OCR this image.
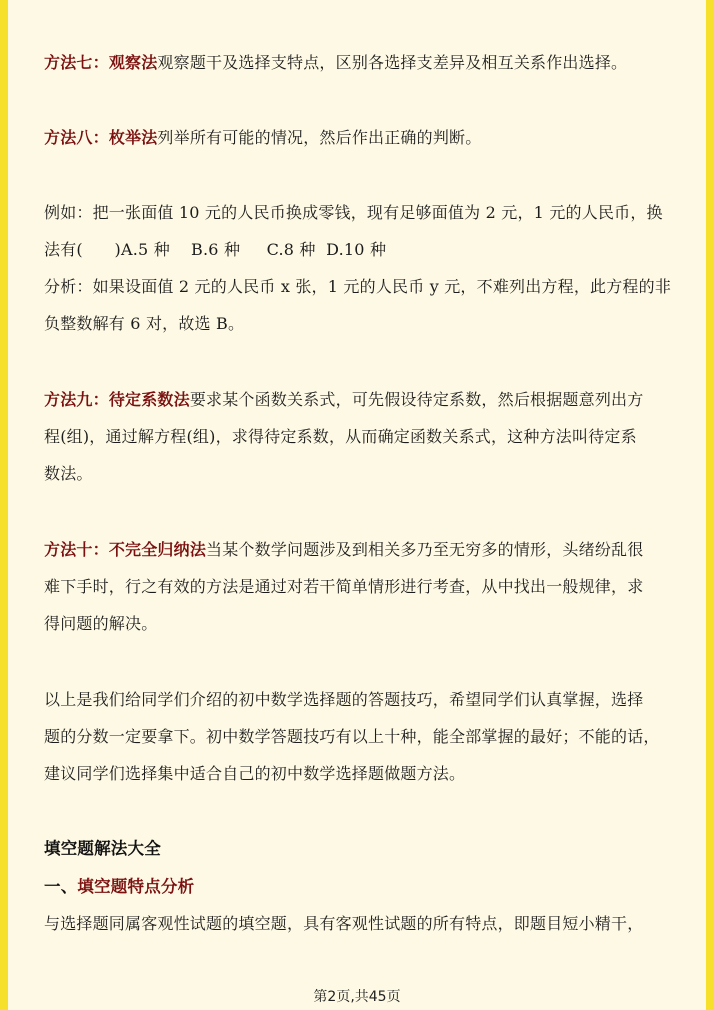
方法七：观察法观察题干及选择支特点，区别各选择支差异及相互关系作出选择。
方法八：枚举法列举所有可能的情况，然后作出正确的判断。
例如：把一张面值 10 元的人民币换成零钱，现有足够面值为 2 元，1 元的人民币，换
法有(      )A.5 种    B.6 种     C.8 种  D.10 种
分析：如果设面值 2 元的人民币 x 张，1 元的人民币 y 元，不难列出方程，此方程的非
负整数解有 6 对，故选 B。
方法九：待定系数法要求某个函数关系式，可先假设待定系数，然后根据题意列出方
程(组)，通过解方程(组)，求得待定系数，从而确定函数关系式，这种方法叫待定系
数法。
方法十：不完全归纳法当某个数学问题涉及到相关多乃至无穷多的情形，头绪纷乱很
难下手时，行之有效的方法是通过对若干简单情形进行考查，从中找出一般规律，求
得问题的解决。
以上是我们给同学们介绍的初中数学选择题的答题技巧，希望同学们认真掌握，选择
题的分数一定要拿下。初中数学答题技巧有以上十种，能全部掌握的最好；不能的话，
建议同学们选择集中适合自己的初中数学选择题做题方法。
填空题解法大全
一、填空题特点分析
与选择题同属客观性试题的填空题，具有客观性试题的所有特点，即题目短小精干，
第2页,共45页
